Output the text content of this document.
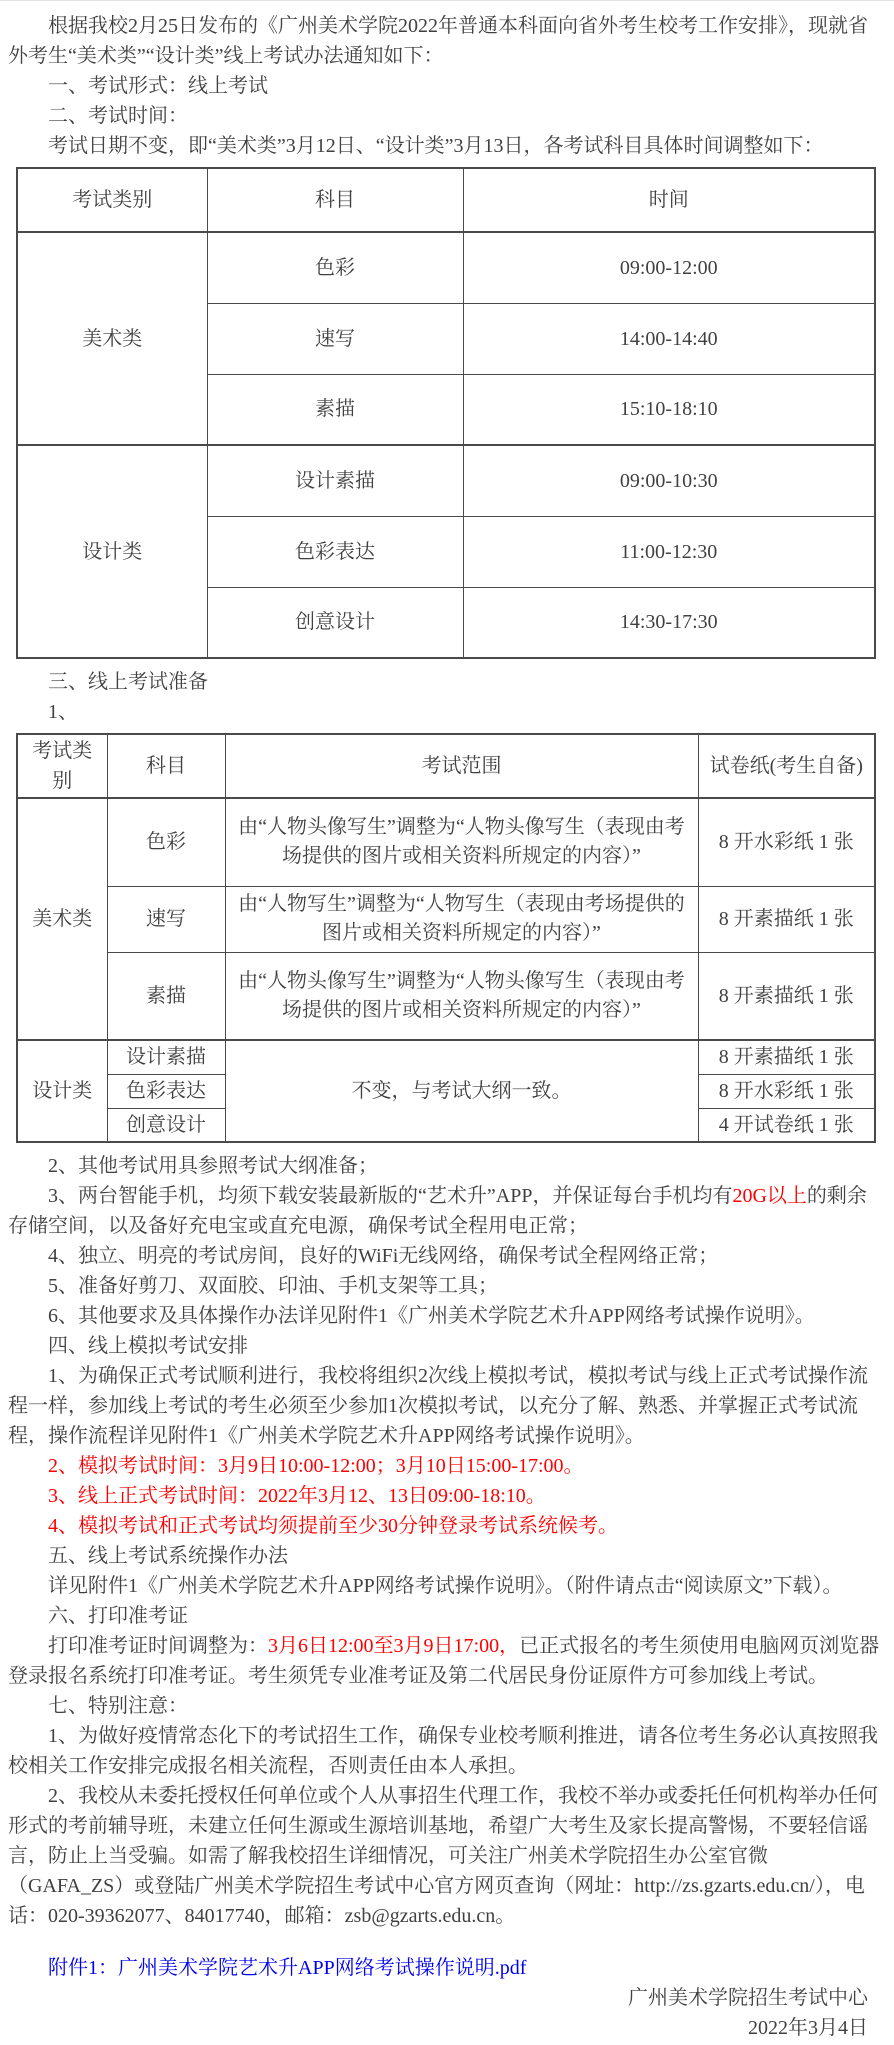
根据我校2月25日发布的《广州美术学院2022年普通本科面向省外考生校考工作安排》，现就省外考生“美术类”“设计类”线上考试办法通知如下：

一、考试形式：线上考试

二、考试时间：

考试日期不变，即“美术类”3月12日、“设计类”3月13日，各考试科目具体时间调整如下：

考试类别	科目	时间
美术类	色彩	09:00-12:00
	速写	14:00-14:40
	素描	15:10-18:10
设计类	设计素描	09:00-10:30
	色彩表达	11:00-12:30
	创意设计	14:30-17:30

三、线上考试准备

1、

考试类别	科目	考试范围	试卷纸(考生自备)
美术类	色彩	由“人物头像写生”调整为“人物头像写生（表现由考场提供的图片或相关资料所规定的内容）”	8 开水彩纸 1 张
	速写	由“人物写生”调整为“人物写生（表现由考场提供的图片或相关资料所规定的内容）”	8 开素描纸 1 张
	素描	由“人物头像写生”调整为“人物头像写生（表现由考场提供的图片或相关资料所规定的内容）”	8 开素描纸 1 张
设计类	设计素描	不变，与考试大纲一致。	8 开素描纸 1 张
	色彩表达		8 开水彩纸 1 张
	创意设计		4 开试卷纸 1 张

2、其他考试用具参照考试大纲准备；

3、两台智能手机，均须下载安装最新版的“艺术升”APP，并保证每台手机均有20G以上的剩余存储空间，以及备好充电宝或直充电源，确保考试全程用电正常；

4、独立、明亮的考试房间，良好的WiFi无线网络，确保考试全程网络正常；

5、准备好剪刀、双面胶、印油、手机支架等工具；

6、其他要求及具体操作办法详见附件1《广州美术学院艺术升APP网络考试操作说明》。

四、线上模拟考试安排

1、为确保正式考试顺利进行，我校将组织2次线上模拟考试，模拟考试与线上正式考试操作流程一样，参加线上考试的考生必须至少参加1次模拟考试，以充分了解、熟悉、并掌握正式考试流程，操作流程详见附件1《广州美术学院艺术升APP网络考试操作说明》。

2、模拟考试时间：3月9日10:00-12:00；3月10日15:00-17:00。

3、线上正式考试时间：2022年3月12、13日09:00-18:10。

4、模拟考试和正式考试均须提前至少30分钟登录考试系统候考。

五、线上考试系统操作办法

详见附件1《广州美术学院艺术升APP网络考试操作说明》。（附件请点击“阅读原文”下载）。

六、打印准考证

打印准考证时间调整为：3月6日12:00至3月9日17:00，已正式报名的考生须使用电脑网页浏览器登录报名系统打印准考证。考生须凭专业准考证及第二代居民身份证原件方可参加线上考试。

七、特别注意：

1、为做好疫情常态化下的考试招生工作，确保专业校考顺利推进，请各位考生务必认真按照我校相关工作安排完成报名相关流程，否则责任由本人承担。

2、我校从未委托授权任何单位或个人从事招生代理工作，我校不举办或委托任何机构举办任何形式的考前辅导班，未建立任何生源或生源培训基地，希望广大考生及家长提高警惕，不要轻信谣言，防止上当受骗。如需了解我校招生详细情况，可关注广州美术学院招生办公室官微（GAFA_ZS）或登陆广州美术学院招生考试中心官方网页查询（网址：http://zs.gzarts.edu.cn/），电话：020-39362077、84017740，邮箱：zsb@gzarts.edu.cn。

附件1：广州美术学院艺术升APP网络考试操作说明.pdf
广州美术学院招生考试中心
2022年3月4日
